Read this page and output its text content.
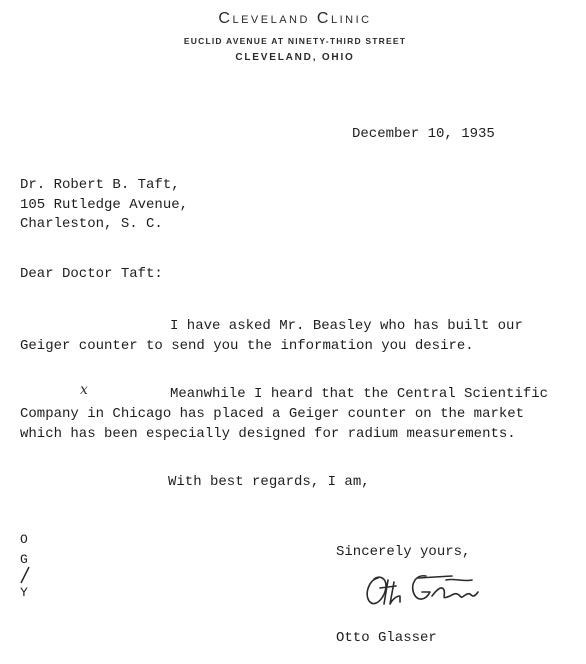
Cleveland Clinic
EUCLID AVENUE AT NINETY-THIRD STREET
CLEVELAND, OHIO
December 10, 1935
Dr. Robert B. Taft,
105 Rutledge Avenue,
Charleston, S. C.
Dear Doctor Taft:
I have asked Mr. Beasley who has built our
Geiger counter to send you the information you desire.
x	Meanwhile I heard that the Central Scientific
Company in Chicago has placed a Geiger counter on the market
which has been especially designed for radium measurements.
With best regards, I am,
Sincerely yours,
Otto Glasser
O
G
Y
